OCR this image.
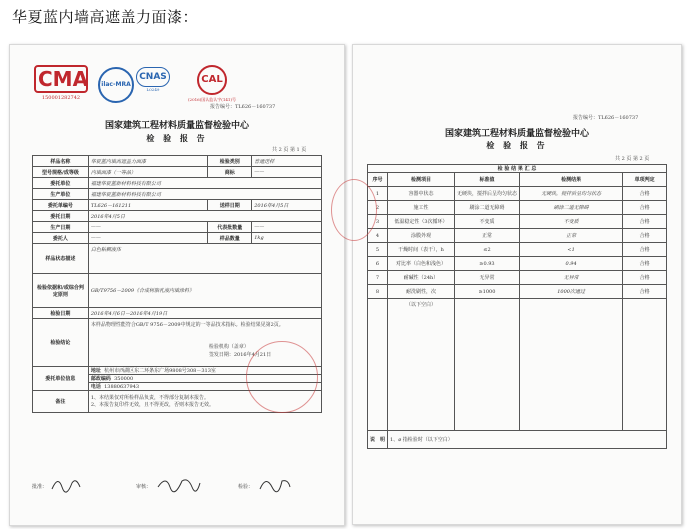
华夏蓝内墙高遮盖力面漆：
CMA
150001282742
ilac-MRA
CNAS
L0249
CAL
(2016)国认监认字(141)号
报告编号：TL626－160737
国家建筑工程材料质量监督检验中心
检 验 报 告
共 2 页 第 1 页
样品名称	华夏蓝内墙高遮盖力面漆	检验类别	普通送样
型号规格/成等级	内墙面漆（一等品）	商标	——
委托单位	福建华夏蓝新材料科技有限公司		
生产单位	福建华夏蓝新材料科技有限公司		
委托单编号	TL626－161211	送样日期	2016年4月5日
委托日期	2016年4月5日		
生产日期	——	代表批数量	——
委托人	——	样品数量	1kg
样品状态描述	白色粘稠液体		
检验依据和/或综合判定原则	GB/T9756－2009《合成树脂乳液内墙涂料》		
检验日期	2016年4月6日－2016年4月19日		
检验结论	本样品物理性能符合GB/T 9756－2009中规定的一等品技术指标。检验结果见第2页。
检验机构（盖章）
签发日期：2016年4月21日		

委托单位信息	地址 杭州市西湖区东二环条东广场9808号308－313室		
	邮政编码 350000		
	电话 13880637943		
备注	1、本结果仅对所检样品负责，不得部分复制本报告。
2、本报告复印件无效，且不得更改，否则本报告无效。		
批准：	审核：	检验：
报告编号：TL626－160737
国家建筑工程材料质量监督检验中心
检 验 报 告
共 2 页 第 2 页
检 验 结 果 汇 总				
序号	检测项目	标准值	检测结果	单项判定
1	容器中状态	无硬块，搅拌后呈均匀状态	无硬块，搅拌后呈均匀状态	合格
2	施工性	刷涂二道无障碍	刷涂二道无障碍	合格
3	低温稳定性（3次循环）	不变质	不变质	合格
4	涂膜外观	正常	正常	合格
5	干燥时间（表干），h	≤2	<1	合格
6	对比率（白色和浅色）	≥0.93	0.94	合格
7	耐碱性（24h）	无异常	无异常	合格
8	耐洗刷性，次	≥1000	1000次通过	合格
	（以下空白）			
说　明	1、⌀ 指检验时（以下空白）			
